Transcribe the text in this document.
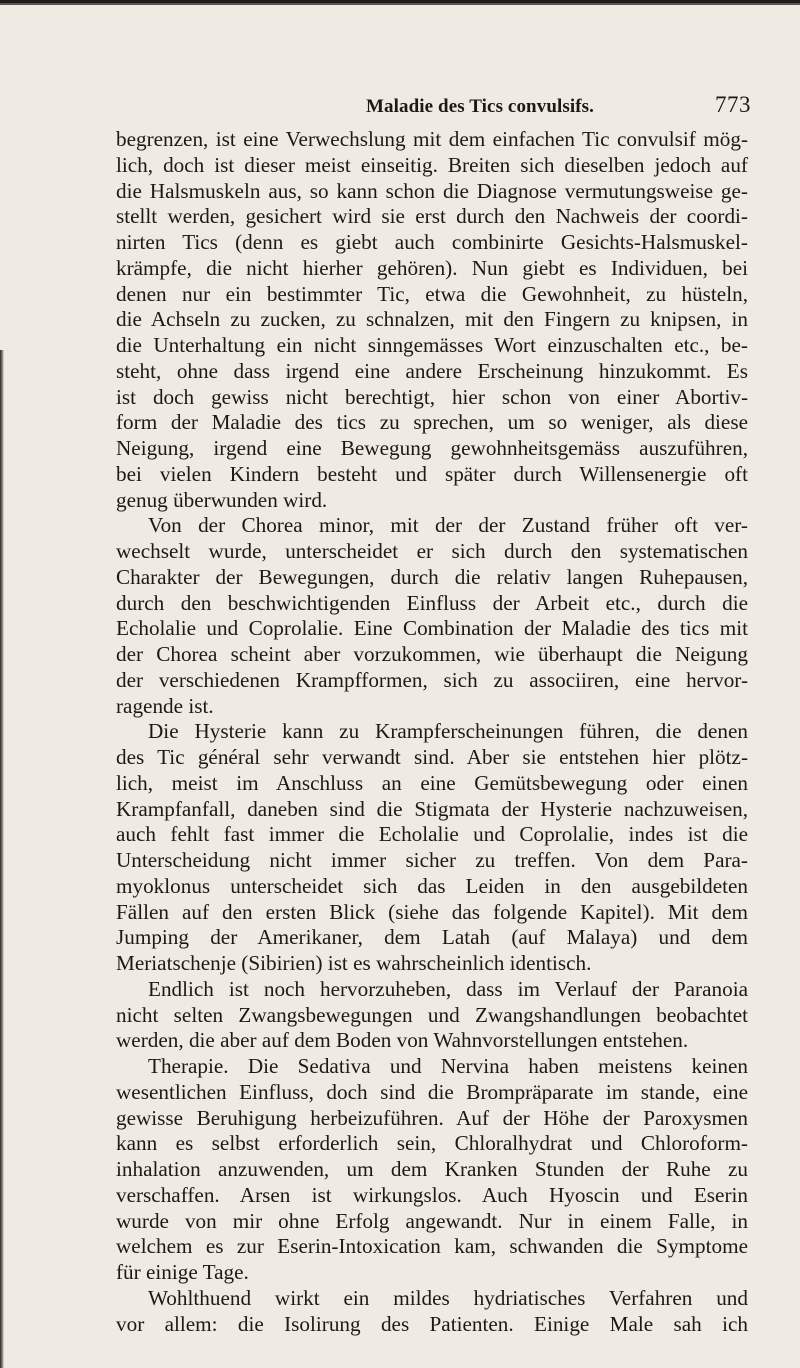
Maladie des Tics convulsifs.	773
begrenzen, ist eine Verwechslung mit dem einfachen Tic convulsif mög-
lich, doch ist dieser meist einseitig. Breiten sich dieselben jedoch auf
die Halsmuskeln aus, so kann schon die Diagnose vermutungsweise ge-
stellt werden, gesichert wird sie erst durch den Nachweis der coordi-
nirten Tics (denn es giebt auch combinirte Gesichts-Halsmuskel-
krämpfe, die nicht hierher gehören). Nun giebt es Individuen, bei
denen nur ein bestimmter Tic, etwa die Gewohnheit, zu hüsteln,
die Achseln zu zucken, zu schnalzen, mit den Fingern zu knipsen, in
die Unterhaltung ein nicht sinngemässes Wort einzuschalten etc., be-
steht, ohne dass irgend eine andere Erscheinung hinzukommt. Es
ist doch gewiss nicht berechtigt, hier schon von einer Abortiv-
form der Maladie des tics zu sprechen, um so weniger, als diese
Neigung, irgend eine Bewegung gewohnheitsgemäss auszuführen,
bei vielen Kindern besteht und später durch Willensenergie oft
genug überwunden wird.
Von der Chorea minor, mit der der Zustand früher oft ver-
wechselt wurde, unterscheidet er sich durch den systematischen
Charakter der Bewegungen, durch die relativ langen Ruhepausen,
durch den beschwichtigenden Einfluss der Arbeit etc., durch die
Echolalie und Coprolalie. Eine Combination der Maladie des tics mit
der Chorea scheint aber vorzukommen, wie überhaupt die Neigung
der verschiedenen Krampfformen, sich zu associiren, eine hervor-
ragende ist.
Die Hysterie kann zu Krampferscheinungen führen, die denen
des Tic général sehr verwandt sind. Aber sie entstehen hier plötz-
lich, meist im Anschluss an eine Gemütsbewegung oder einen
Krampfanfall, daneben sind die Stigmata der Hysterie nachzuweisen,
auch fehlt fast immer die Echolalie und Coprolalie, indes ist die
Unterscheidung nicht immer sicher zu treffen. Von dem Para-
myoklonus unterscheidet sich das Leiden in den ausgebildeten
Fällen auf den ersten Blick (siehe das folgende Kapitel). Mit dem
Jumping der Amerikaner, dem Latah (auf Malaya) und dem
Meriatschenje (Sibirien) ist es wahrscheinlich identisch.
Endlich ist noch hervorzuheben, dass im Verlauf der Paranoia
nicht selten Zwangsbewegungen und Zwangshandlungen beobachtet
werden, die aber auf dem Boden von Wahnvorstellungen entstehen.
Therapie. Die Sedativa und Nervina haben meistens keinen
wesentlichen Einfluss, doch sind die Brompräparate im stande, eine
gewisse Beruhigung herbeizuführen. Auf der Höhe der Paroxysmen
kann es selbst erforderlich sein, Chloralhydrat und Chloroform-
inhalation anzuwenden, um dem Kranken Stunden der Ruhe zu
verschaffen. Arsen ist wirkungslos. Auch Hyoscin und Eserin
wurde von mir ohne Erfolg angewandt. Nur in einem Falle, in
welchem es zur Eserin-Intoxication kam, schwanden die Symptome
für einige Tage.
Wohlthuend wirkt ein mildes hydriatisches Verfahren und
vor allem: die Isolirung des Patienten. Einige Male sah ich
